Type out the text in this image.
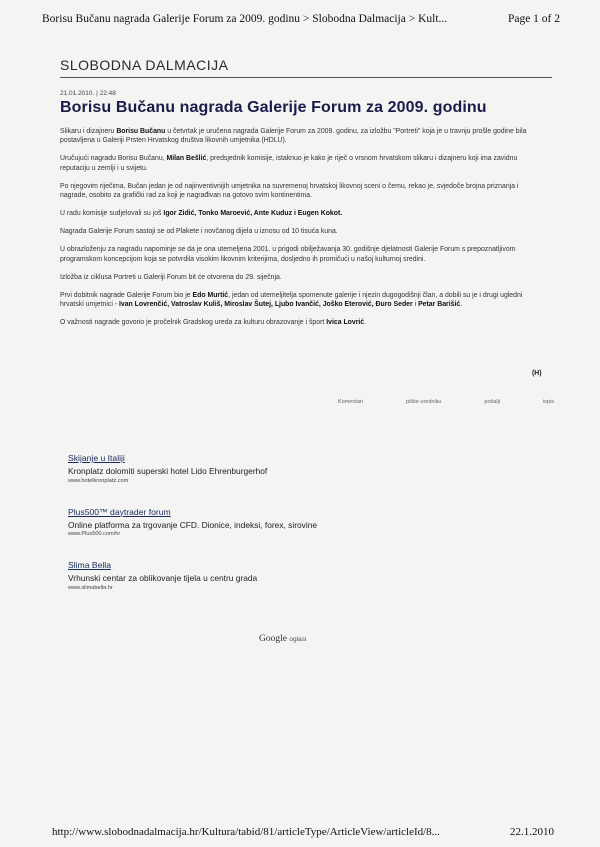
Borisu Bučanu nagrada Galerije Forum za 2009. godinu > Slobodna Dalmacija > Kult...	Page 1 of 2
SLOBODNA DALMACIJA
21.01.2010. | 22:48
Borisu Bučanu nagrada Galerije Forum za 2009. godinu

Slikaru i dizajneru Borisu Bučanu u četvrtak je uručena nagrada Galerije Forum za 2009. godinu, za izložbu "Portreti" koja je u travnju prošle godine bila postavljena u Galeriji Prsten Hrvatskog društva likovnih umjetnika (HDLU).

Uručujući nagradu Borisu Bučanu, Milan Bešlić, predsjednik komisije, istaknuo je kako je riječ o vrsnom hrvatskom slikaru i dizajneru koji ima zavidnu reputaciju u zemlji i u svijetu.

Po njegovim riječima, Bučan jedan je od najinventivnijih umjetnika na suvremenoj hrvatskoj likovnoj sceni o čemu, rekao je, svjedoče brojna priznanja i nagrade, osobito za grafički rad za koji je nagrađivan na gotovo svim kontinentima.

U radu komisije sudjelovali su još Igor Zidić, Tonko Maroević, Ante Kuduz i Eugen Kokot.

Nagrada Galerije Forum sastoji se od Plakete i novčanog dijela u iznosu od 10 tisuća kuna.

U obrazloženju za nagradu napominje se da je ona utemeljena 2001. u prigodi obilježavanja 30. godišnje djelatnosti Galerije Forum s prepoznatljivom programskom koncepcijom koja se potvrdila visokim likovnim kriterijima, dosljedno ih promičući u našoj kulturnoj sredini.

Izložba iz ciklusa Portreti u Galeriji Forum bit će otvorena do 29. siječnja.

Prvi dobitnik nagrade Galerije Forum bio je Edo Murtić, jedan od utemeljitelja spomenute galerije i njezin dugogodišnji član, a dobili su je i drugi ugledni hrvatski umjetnici - Ivan Lovrenčić, Vatroslav Kuliš, Miroslav Šutej, Ljubo Ivančić, Joško Eterović, Đuro Seder i Petar Barišić.

O važnosti nagrade govorio je pročelnik Gradskog ureda za kulturu obrazovanje i šport Ivica Lovrić.

(H)
Komentari	pišite uredniku	pošalji	ispis
Skijanje u Italiji
Kronplatz dolomiti superski hotel Lido Ehrenburgerhof
www.hotelkronplatz.com
Plus500™ daytrader forum
Online platforma za trgovanje CFD. Dionice, indeksi, forex, sirovine
www.Plus500.com/hr
Slima Bella
Vrhunski centar za oblikovanje tijela u centru grada
www.slimabella.hr
Google oglasi
http://www.slobodnadalmacija.hr/Kultura/tabid/81/articleType/ArticleView/articleId/8...	22.1.2010
